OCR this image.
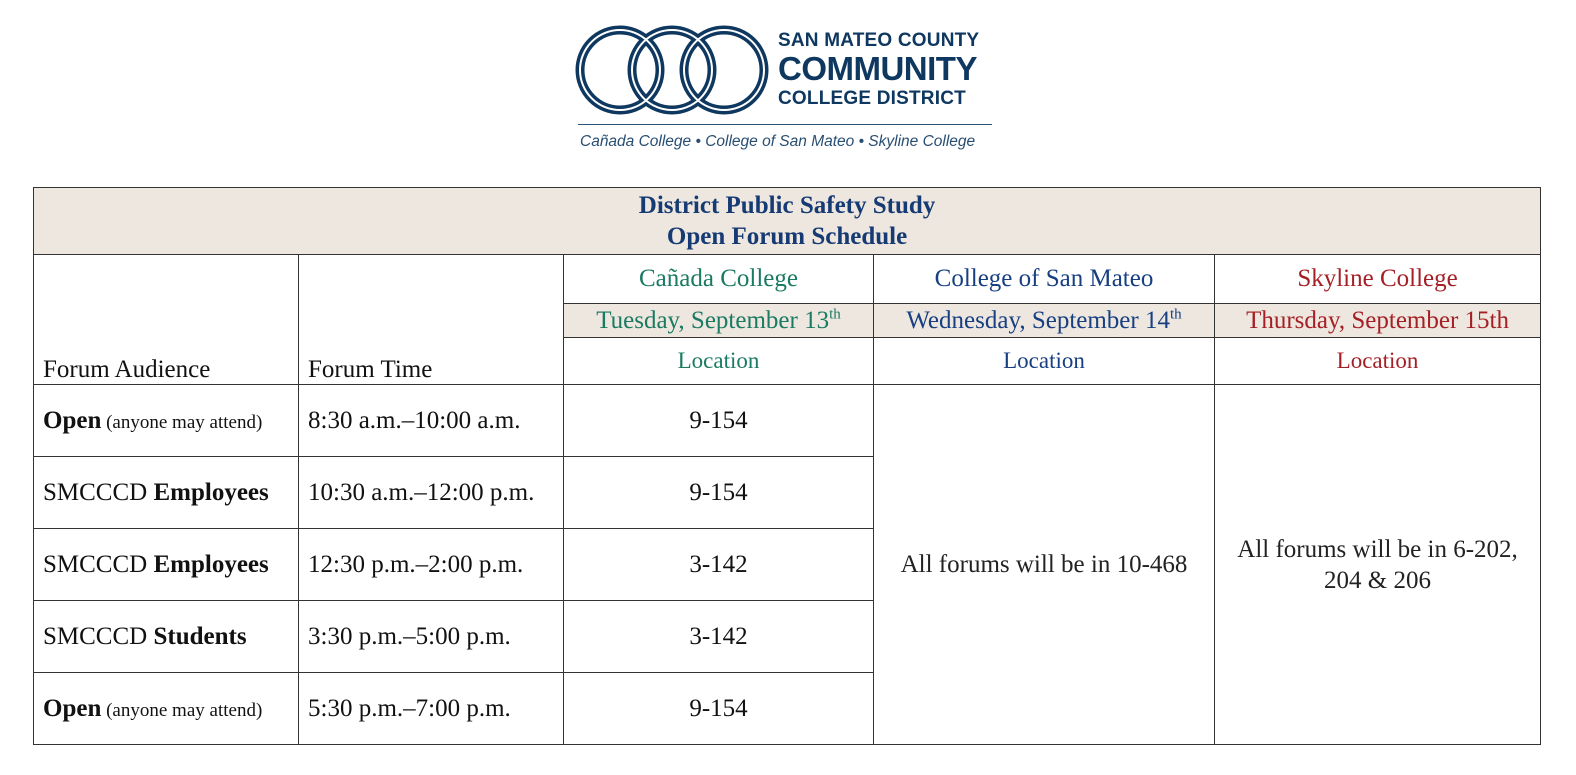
SAN MATEO COUNTY
COMMUNITY
COLLEGE DISTRICT
Cañada College • College of San Mateo • Skyline College
District Public Safety Study
Open Forum Schedule				

Forum Audience	Forum Time	Cañada College	College of San Mateo	Skyline College
		Tuesday, September 13th	Wednesday, September 14th	Thursday, September 15th
		Location	Location	Location
Open (anyone may attend)	8:30 a.m.–10:00 a.m.	9-154	All forums will be in 10-468	All forums will be in 6-202, 204 & 206
SMCCCD Employees	10:30 a.m.–12:00 p.m.	9-154		
SMCCCD Employees	12:30 p.m.–2:00 p.m.	3-142		
SMCCCD Students	3:30 p.m.–5:00 p.m.	3-142		
Open (anyone may attend)	5:30 p.m.–7:00 p.m.	9-154		
